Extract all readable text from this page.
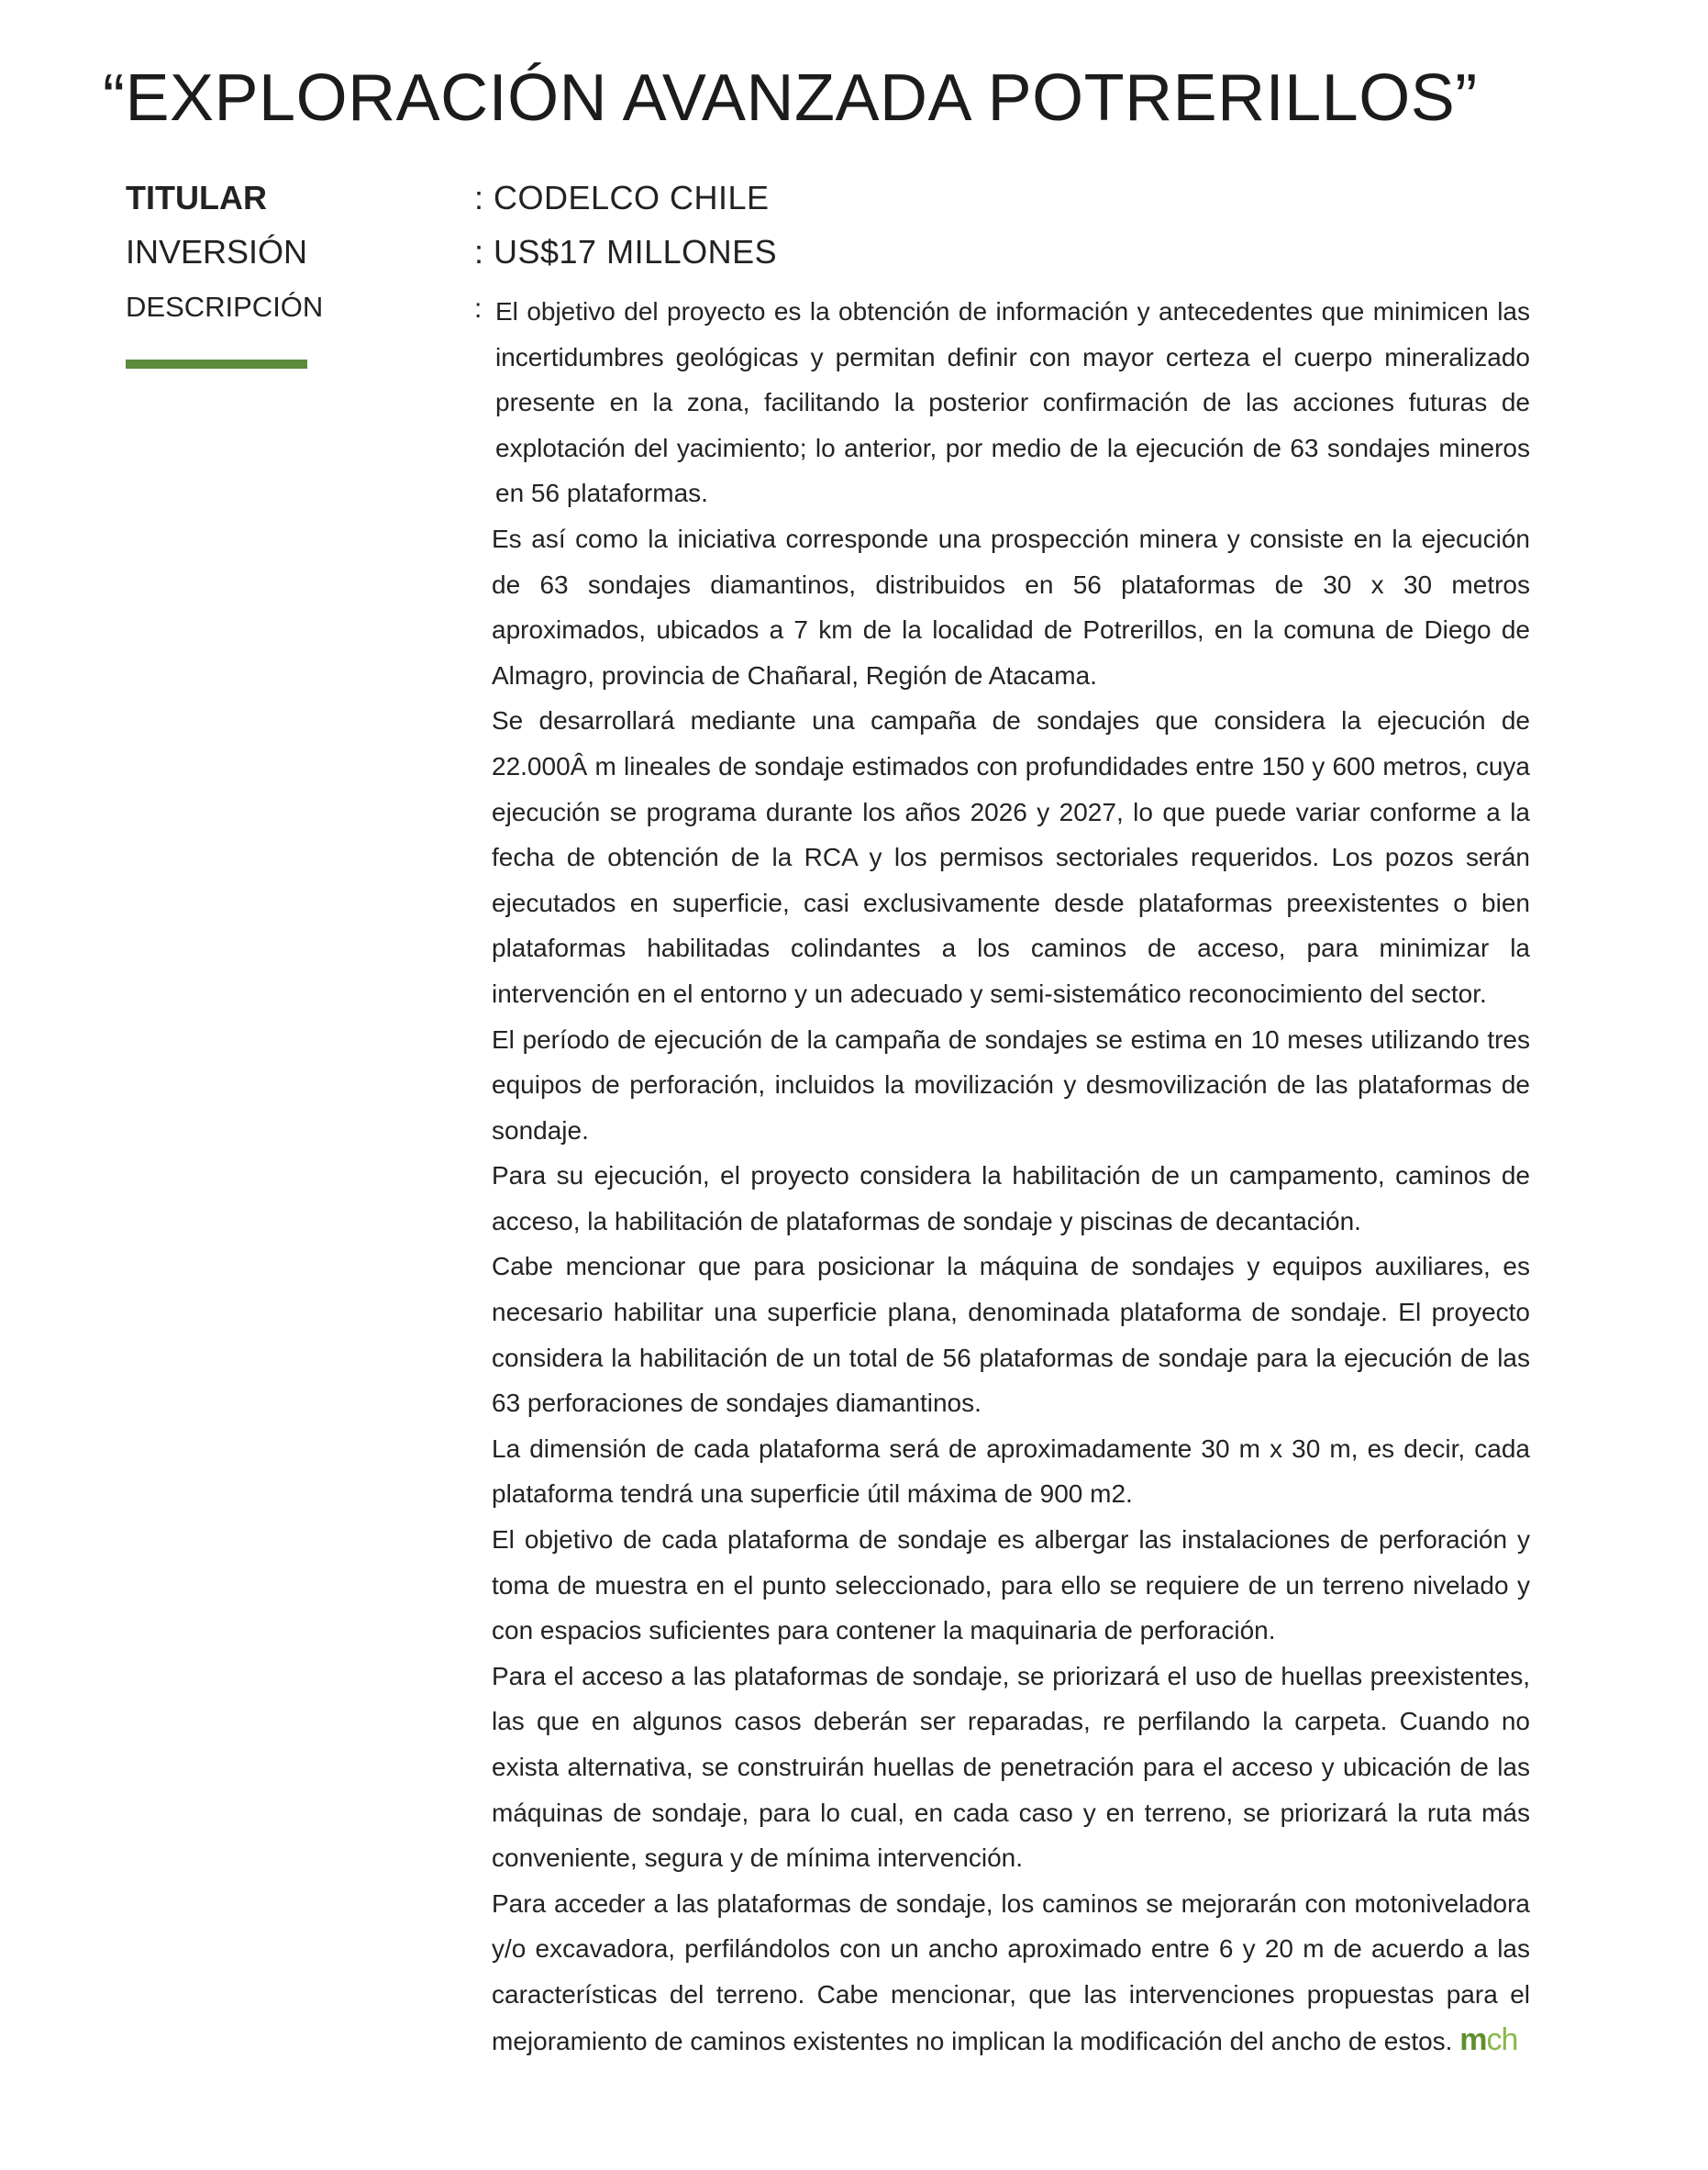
“EXPLORACIÓN AVANZADA POTRERILLOS”
TITULAR	: CODELCO CHILE
INVERSIÓN	: US$17 MILLONES
DESCRIPCIÓN	: El objetivo del proyecto es la obtención de información y antecedentes que minimicen las incertidumbres geológicas y permitan definir con mayor certeza el cuerpo mineralizado presente en la zona, facilitando la posterior confirmación de las acciones futuras de explotación del yacimiento; lo anterior, por medio de la ejecución de 63 sondajes mineros en 56 plataformas.

Es así como la iniciativa corresponde una prospección minera y consiste en la ejecución de 63 sondajes diamantinos, distribuidos en 56 plataformas de 30 x 30 metros aproximados, ubicados a 7 km de la localidad de Potrerillos, en la comuna de Diego de Almagro, provincia de Chañaral, Región de Atacama.

Se desarrollará mediante una campaña de sondajes que considera la ejecución de 22.000Â m lineales de sondaje estimados con profundidades entre 150 y 600 metros, cuya ejecución se programa durante los años 2026 y 2027, lo que puede variar conforme a la fecha de obtención de la RCA y los permisos sectoriales requeridos. Los pozos serán ejecutados en superficie, casi exclusivamente desde plataformas preexistentes o bien plataformas habilitadas colindantes a los caminos de acceso, para minimizar la intervención en el entorno y un adecuado y semi-sistemático reconocimiento del sector.

El período de ejecución de la campaña de sondajes se estima en 10 meses utilizando tres equipos de perforación, incluidos la movilización y desmovilización de las plataformas de sondaje.

Para su ejecución, el proyecto considera la habilitación de un campamento, caminos de acceso, la habilitación de plataformas de sondaje y piscinas de decantación.

Cabe mencionar que para posicionar la máquina de sondajes y equipos auxiliares, es necesario habilitar una superficie plana, denominada plataforma de sondaje. El proyecto considera la habilitación de un total de 56 plataformas de sondaje para la ejecución de las 63 perforaciones de sondajes diamantinos.

La dimensión de cada plataforma será de aproximadamente 30 m x 30 m, es decir, cada plataforma tendrá una superficie útil máxima de 900 m2.

El objetivo de cada plataforma de sondaje es albergar las instalaciones de perforación y toma de muestra en el punto seleccionado, para ello se requiere de un terreno nivelado y con espacios suficientes para contener la maquinaria de perforación.

Para el acceso a las plataformas de sondaje, se priorizará el uso de huellas preexistentes, las que en algunos casos deberán ser reparadas, re perfilando la carpeta. Cuando no exista alternativa, se construirán huellas de penetración para el acceso y ubicación de las máquinas de sondaje, para lo cual, en cada caso y en terreno, se priorizará la ruta más conveniente, segura y de mínima intervención.

Para acceder a las plataformas de sondaje, los caminos se mejorarán con motoniveladora y/o excavadora, perfilándolos con un ancho aproximado entre 6 y 20 m de acuerdo a las características del terreno. Cabe mencionar, que las intervenciones propuestas para el mejoramiento de caminos existentes no implican la modificación del ancho de estos. mch
